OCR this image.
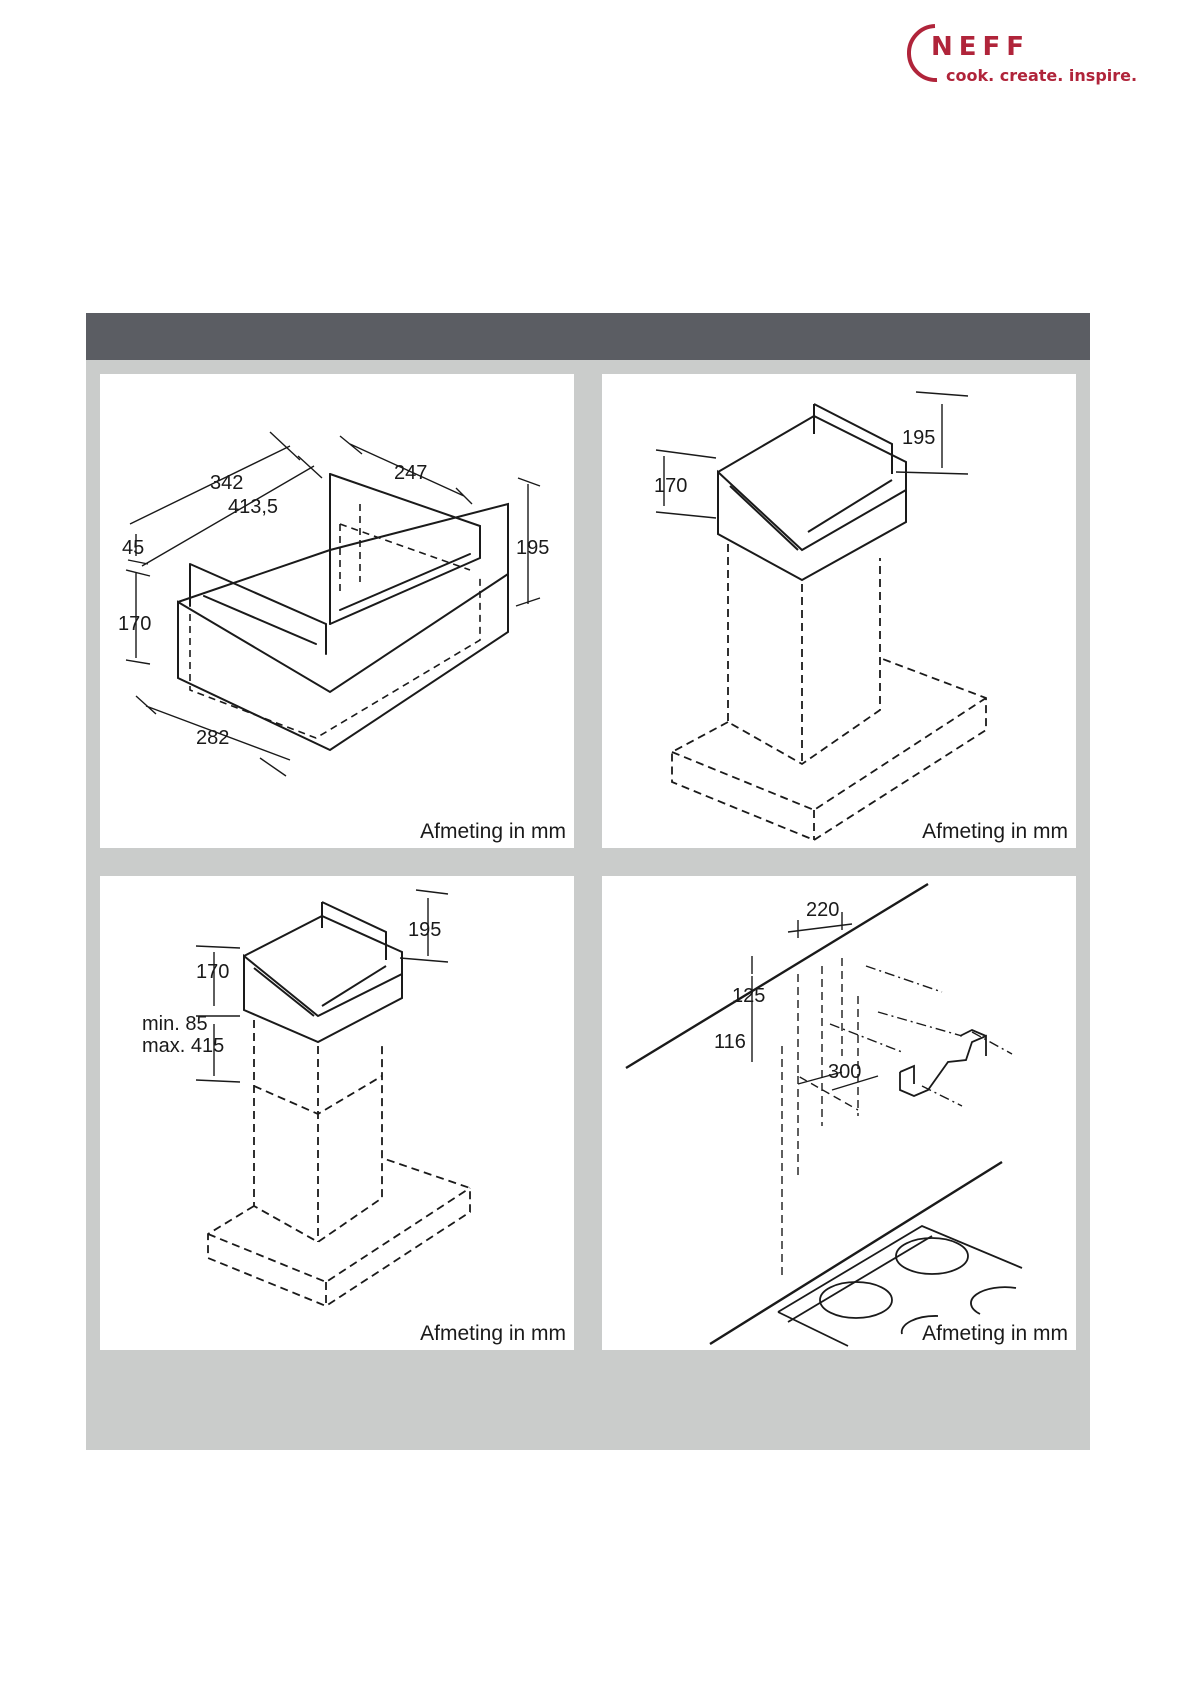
NEFF
cook. create. inspire.
342
413,5
247
45	195
170
282
Afmeting in mm
195
170
Afmeting in mm
195
170
min. 85
max. 415
Afmeting in mm
220
125
116
300
Afmeting in mm
